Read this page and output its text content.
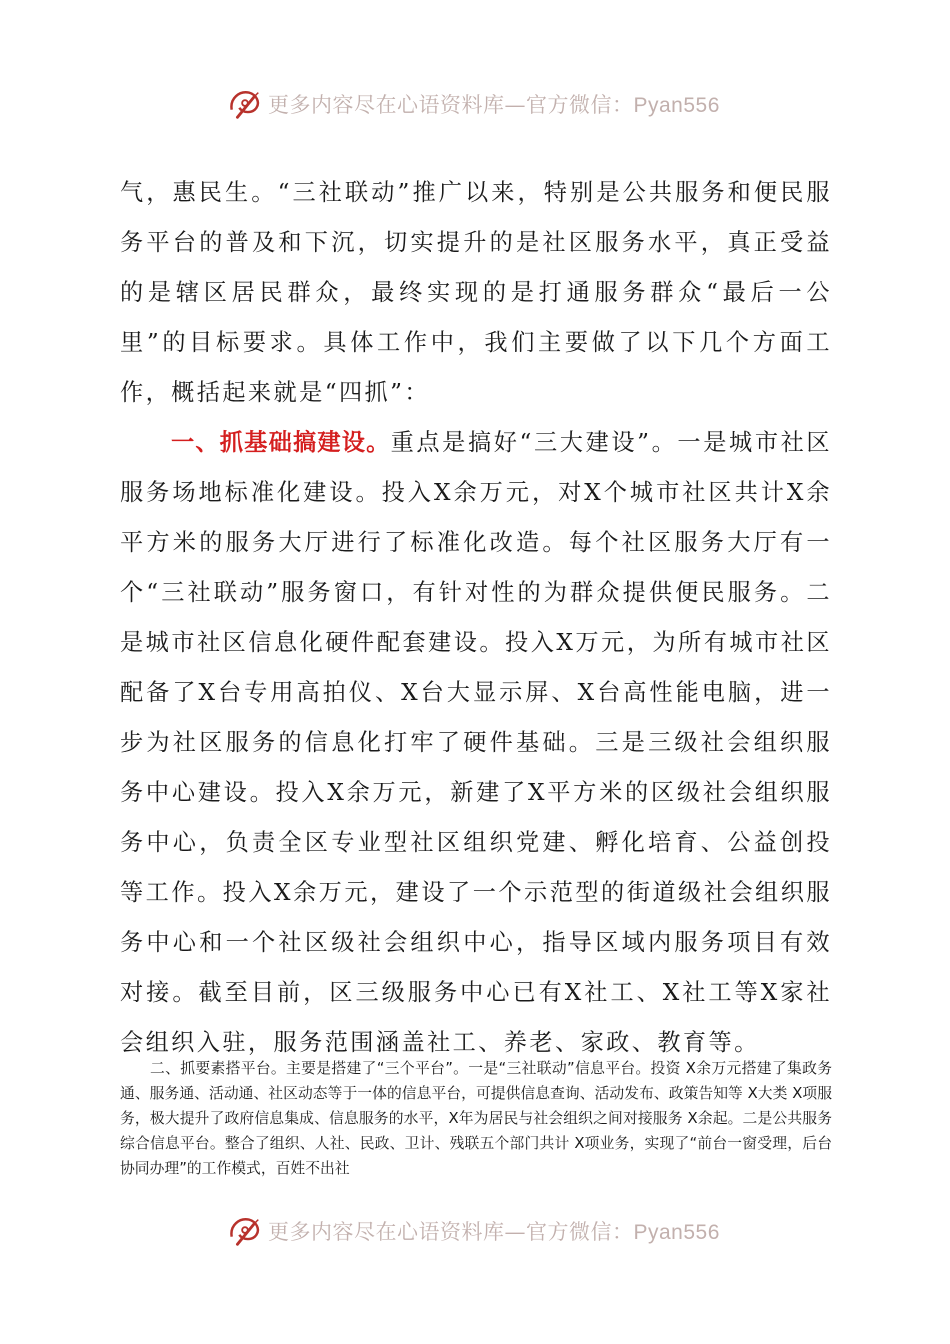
更多内容尽在心语资料库—官方微信：Pyan556

气，惠民生。“三社联动”推广以来，特别是公共服务和便民服务平台的普及和下沉，切实提升的是社区服务水平，真正受益的是辖区居民群众，最终实现的是打通服务群众“最后一公里”的目标要求。具体工作中，我们主要做了以下几个方面工作，概括起来就是“四抓”：

一、抓基础搞建设。重点是搞好“三大建设”。一是城市社区服务场地标准化建设。投入X余万元，对X个城市社区共计X余平方米的服务大厅进行了标准化改造。每个社区服务大厅有一个“三社联动”服务窗口，有针对性的为群众提供便民服务。二是城市社区信息化硬件配套建设。投入X万元，为所有城市社区配备了X台专用高拍仪、X台大显示屏、X台高性能电脑，进一步为社区服务的信息化打牢了硬件基础。三是三级社会组织服务中心建设。投入X余万元，新建了X平方米的区级社会组织服务中心，负责全区专业型社区组织党建、孵化培育、公益创投等工作。投入X余万元，建设了一个示范型的街道级社会组织服务中心和一个社区级社会组织中心，指导区域内服务项目有效对接。截至目前，区三级服务中心已有X社工、X社工等X家社会组织入驻，服务范围涵盖社工、养老、家政、教育等。

二、抓要素搭平台。主要是搭建了“三个平台”。一是“三社联动”信息平台。投资 X余万元搭建了集政务通、服务通、活动通、社区动态等于一体的信息平台，可提供信息查询、活动发布、政策告知等 X大类 X项服务，极大提升了政府信息集成、信息服务的水平，X年为居民与社会组织之间对接服务 X余起。二是公共服务综合信息平台。整合了组织、人社、民政、卫计、残联五个部门共计 X项业务，实现了“前台一窗受理，后台协同办理”的工作模式，百姓不出社

更多内容尽在心语资料库—官方微信：Pyan556
